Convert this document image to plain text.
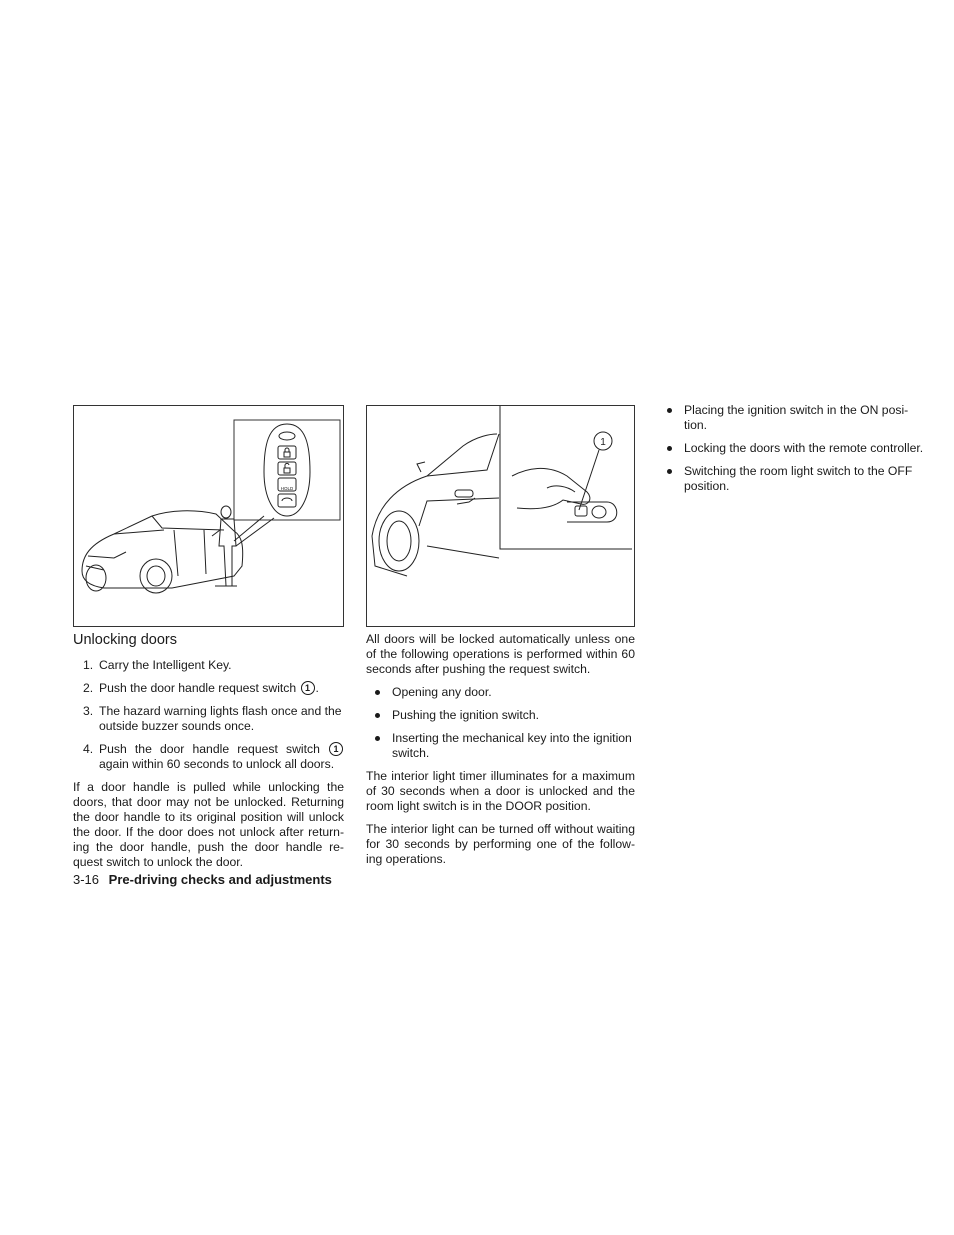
HOLD
1
Unlocking doors
1. Carry the Intelligent Key.
2. Push the door handle request switch 1 .
3. The hazard warning lights flash once and the outside buzzer sounds once.
4. Push the door handle request switch 1 again within 60 seconds to unlock all doors.

If a door handle is pulled while unlocking the doors, that door may not be unlocked. Returning the door handle to its original position will unlock the door. If the door does not unlock after return-ing the door handle, push the door handle re-quest switch to unlock the door.

All doors will be locked automatically unless one of the following operations is performed within 60 seconds after pushing the request switch.

Opening any door.
Pushing the ignition switch.
Inserting the mechanical key into the ignition switch.

The interior light timer illuminates for a maximum of 30 seconds when a door is unlocked and the room light switch is in the DOOR position.

The interior light can be turned off without waiting for 30 seconds by performing one of the follow-ing operations.

Placing the ignition switch in the ON posi-tion.
Locking the doors with the remote controller.
Switching the room light switch to the OFF position.
3-16 Pre-driving checks and adjustments
